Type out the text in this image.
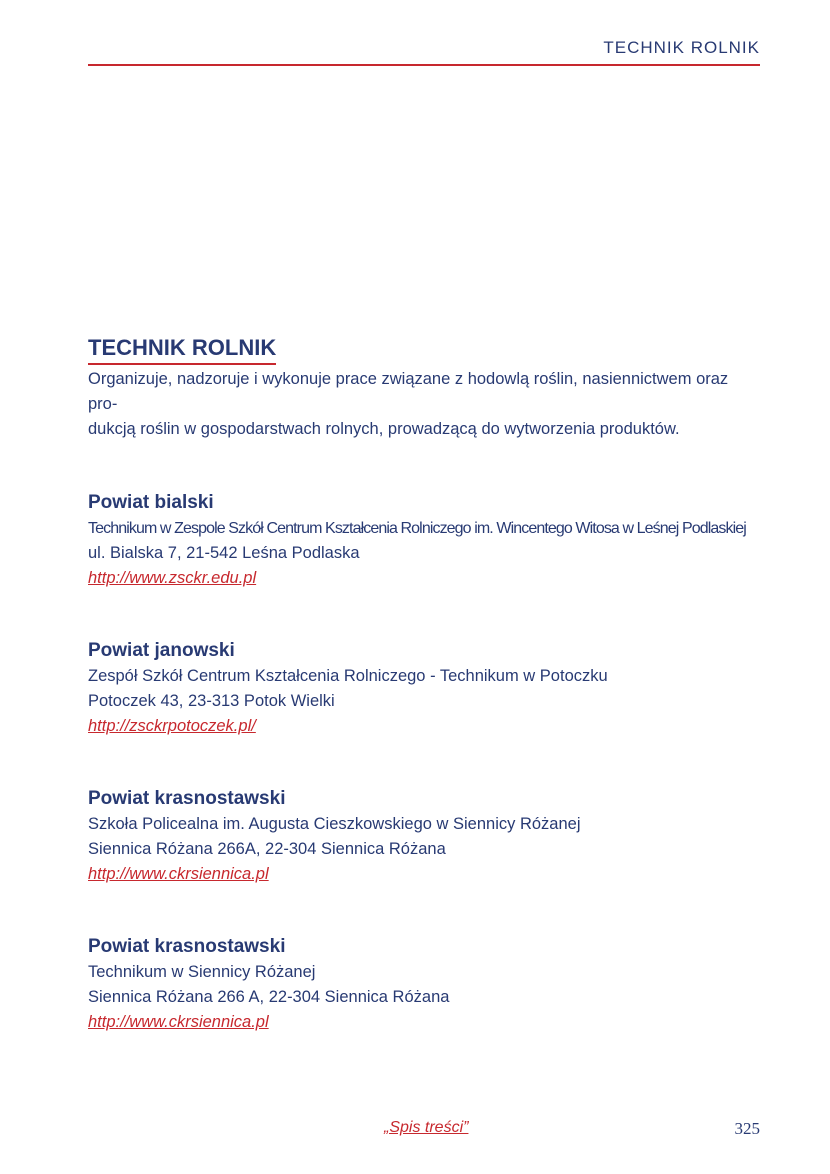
TECHNIK ROLNIK
TECHNIK ROLNIK
Organizuje, nadzoruje i wykonuje prace związane z hodowlą roślin, nasiennictwem oraz pro-
dukcją roślin w gospodarstwach rolnych, prowadzącą do wytworzenia produktów.
Powiat bialski
Technikum w Zespole Szkół Centrum Kształcenia Rolniczego im. Wincentego Witosa w Leśnej Podlaskiej
ul. Bialska 7, 21-542 Leśna Podlaska
http://www.zsckr.edu.pl
Powiat janowski
Zespół Szkół Centrum Kształcenia Rolniczego - Technikum w Potoczku
Potoczek 43, 23-313 Potok Wielki
http://zsckrpotoczek.pl/
Powiat krasnostawski
Szkoła Policealna im. Augusta Cieszkowskiego w Siennicy Różanej
Siennica Różana 266A, 22-304 Siennica Różana
http://www.ckrsiennica.pl
Powiat krasnostawski
Technikum w Siennicy Różanej
Siennica Różana 266 A, 22-304 Siennica Różana
http://www.ckrsiennica.pl
„Spis treści”	325
